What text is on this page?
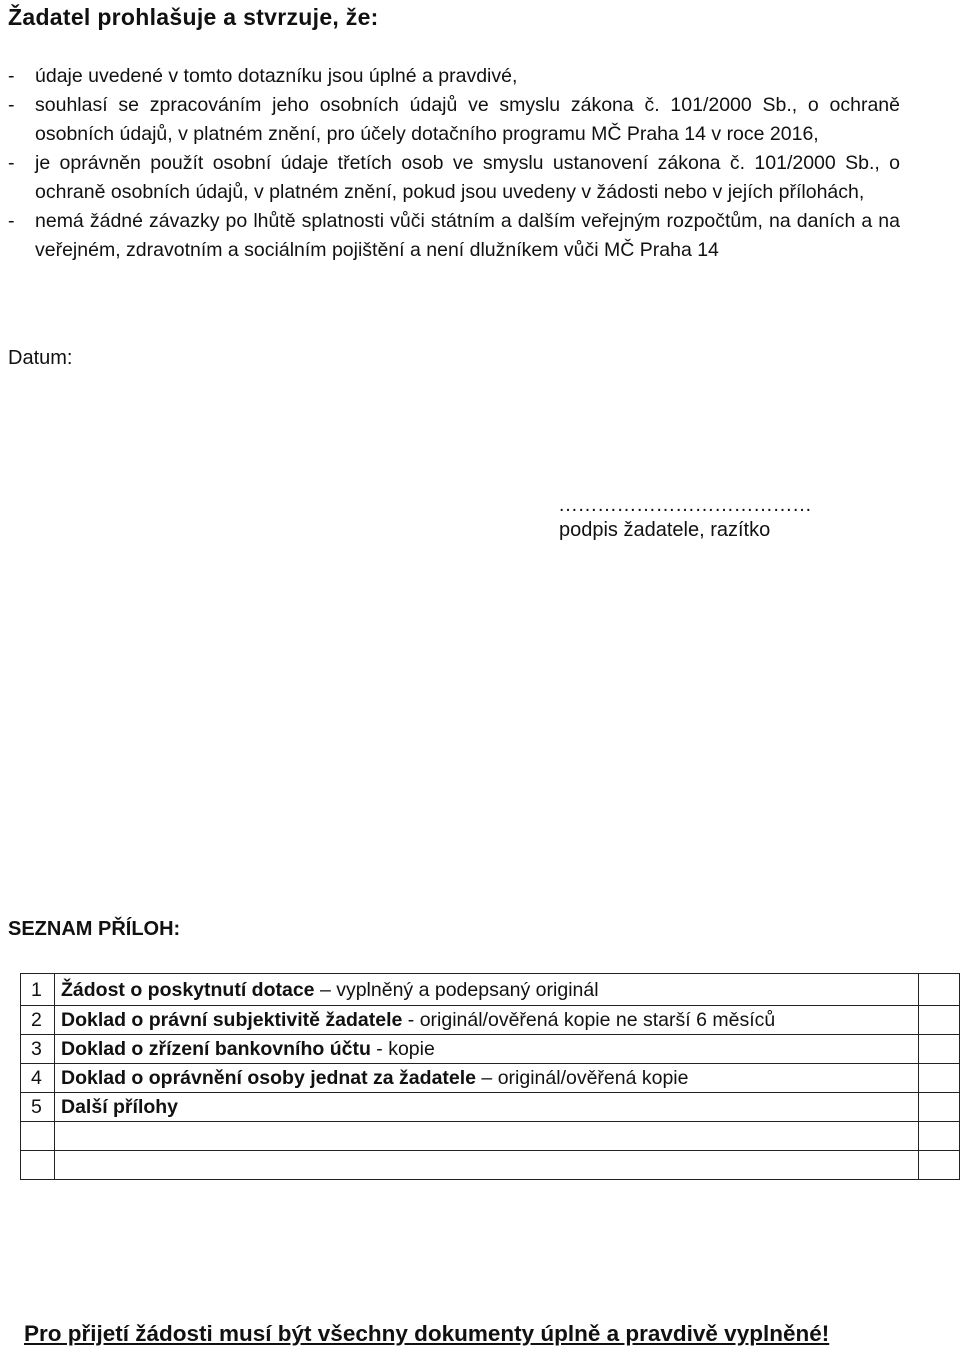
Žadatel prohlašuje a stvrzuje, že:
- údaje uvedené v tomto dotazníku jsou úplné a pravdivé,
- souhlasí se zpracováním jeho osobních údajů ve smyslu zákona č. 101/2000 Sb., o ochraně osobních údajů, v platném znění, pro účely dotačního programu MČ Praha 14 v roce 2016,
- je oprávněn použít osobní údaje třetích osob ve smyslu ustanovení zákona č. 101/2000 Sb., o ochraně osobních údajů, v platném znění, pokud jsou uvedeny v žádosti nebo v jejích přílohách,
- nemá žádné závazky po lhůtě splatnosti vůči státním a dalším veřejným rozpočtům, na daních a na veřejném, zdravotním a sociálním pojištění a není dlužníkem vůči MČ Praha 14
Datum:
…………………………………
podpis žadatele, razítko
SEZNAM PŘÍLOH:
1	Žádost o poskytnutí dotace – vyplněný a podepsaný originál	
2	Doklad o právní subjektivitě žadatele - originál/ověřená kopie ne starší 6 měsíců	
3	Doklad o zřízení bankovního účtu - kopie	
4	Doklad o oprávnění osoby jednat za žadatele – originál/ověřená kopie	
5	Další přílohy	

Pro přijetí žádosti musí být všechny dokumenty úplně a pravdivě vyplněné!
